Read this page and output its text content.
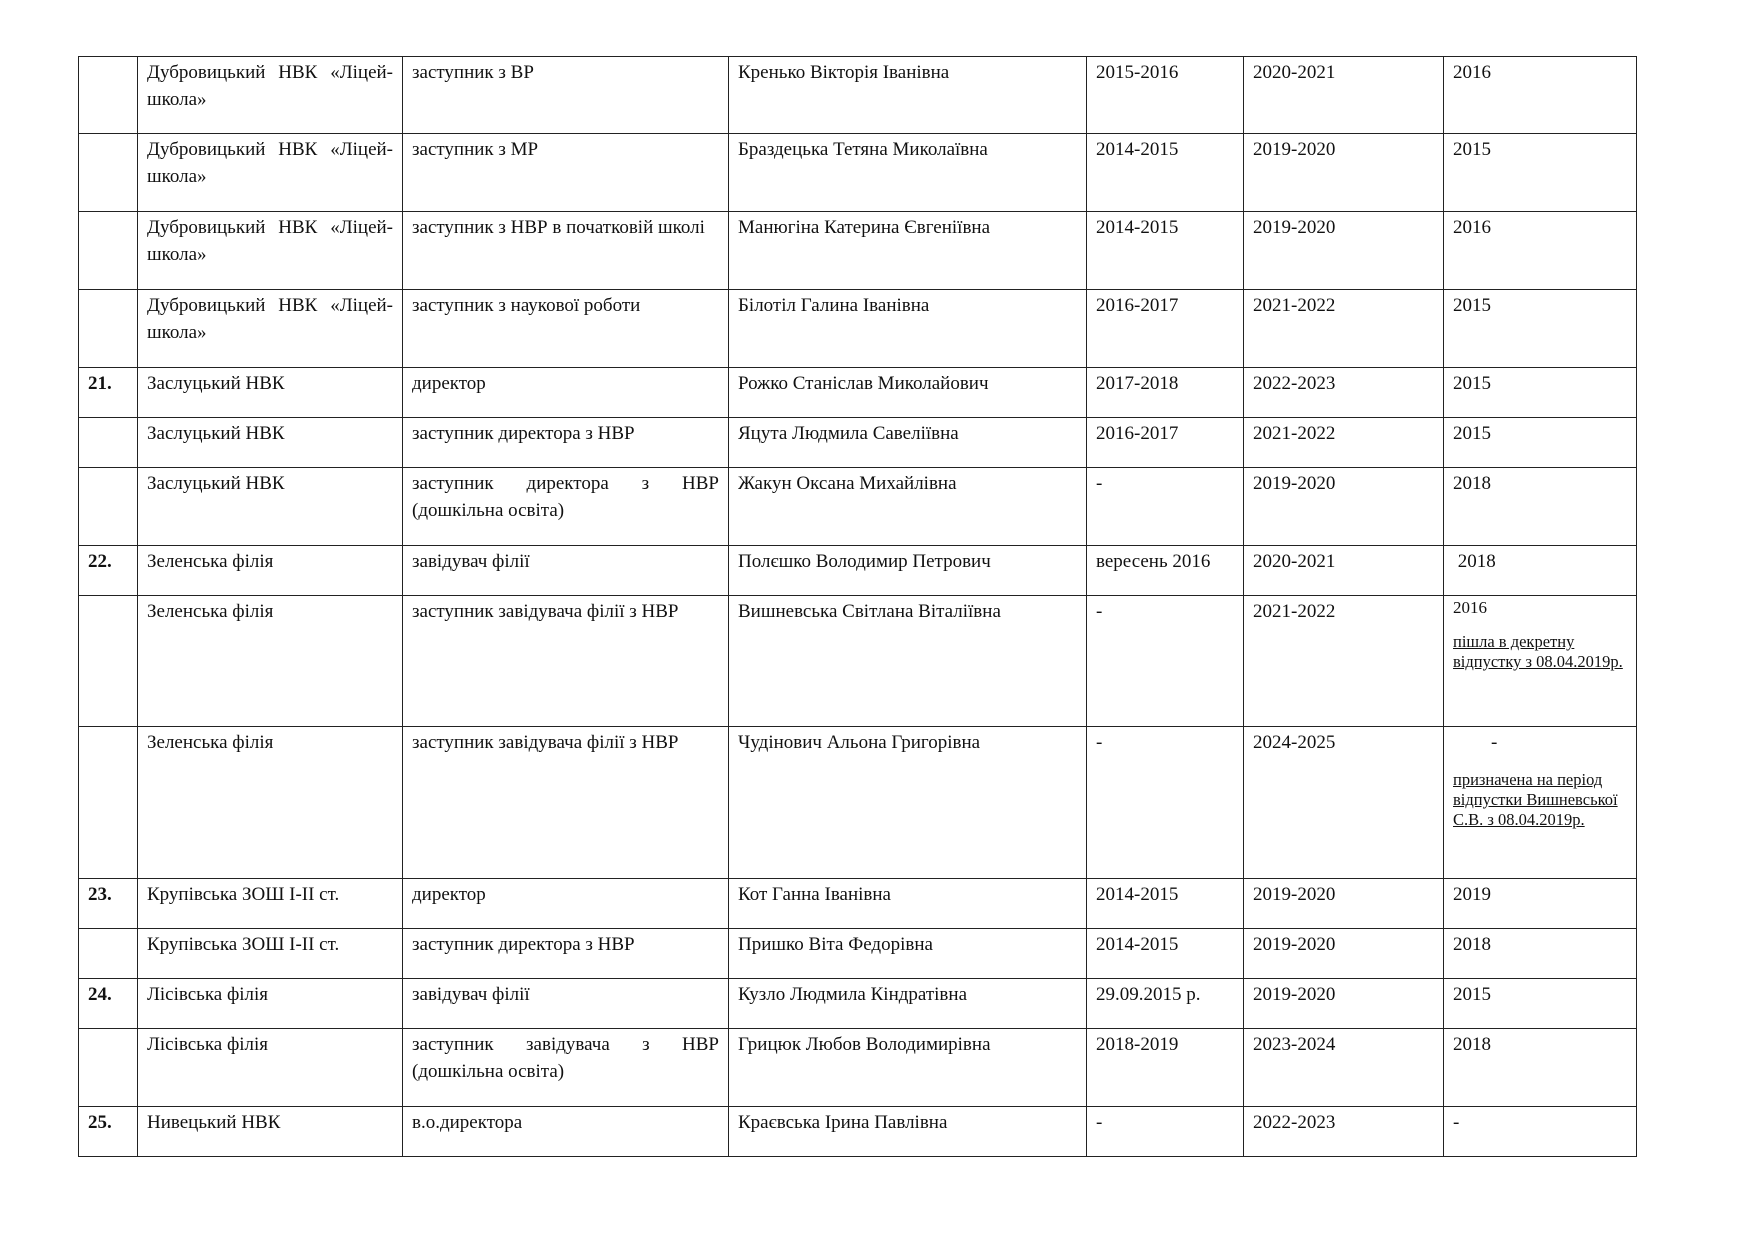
	Дубровицький НВК «Ліцей-школа»	заступник з ВР	Кренько Вікторія Іванівна	2015-2016	2020-2021	2016
	Дубровицький НВК «Ліцей-школа»	заступник з МР	Браздецька Тетяна Миколаївна	2014-2015	2019-2020	2015
	Дубровицький НВК «Ліцей-школа»	заступник з НВР в початковій школі	Манюгіна Катерина Євгеніївна	2014-2015	2019-2020	2016
	Дубровицький НВК «Ліцей-школа»	заступник з наукової роботи	Білотіл Галина Іванівна	2016-2017	2021-2022	2015
21.	Заслуцький НВК	директор	Рожко Станіслав Миколайович	2017-2018	2022-2023	2015
	Заслуцький НВК	заступник директора з НВР	Яцута Людмила Савеліївна	2016-2017	2021-2022	2015
	Заслуцький НВК	заступник директора з НВР (дошкільна освіта)	Жакун Оксана Михайлівна	-	2019-2020	2018
22.	Зеленська філія	завідувач філії	Полєшко Володимир Петрович	вересень 2016	2020-2021	2018
	Зеленська філія	заступник завідувача філії з НВР	Вишневська Світлана Віталіївна	-	2021-2022	2016
пішла в декретну відпустку з 08.04.2019р.

	Зеленська філія	заступник завідувача філії з НВР	Чудінович Альона Григорівна	-	2024-2025	-
призначена на період відпустки Вишневської С.В. з 08.04.2019р.

23.	Крупівська ЗОШ І-ІІ ст.	директор	Кот Ганна Іванівна	2014-2015	2019-2020	2019
	Крупівська ЗОШ І-ІІ ст.	заступник директора з НВР	Пришко Віта Федорівна	2014-2015	2019-2020	2018
24.	Лісівська філія	завідувач філії	Кузло Людмила Кіндратівна	29.09.2015 р.	2019-2020	2015
	Лісівська філія	заступник завідувача з НВР (дошкільна освіта)	Грицюк Любов Володимирівна	2018-2019	2023-2024	2018
25.	Нивецький НВК	в.о.директора	Краєвська Ірина Павлівна	-	2022-2023	-
